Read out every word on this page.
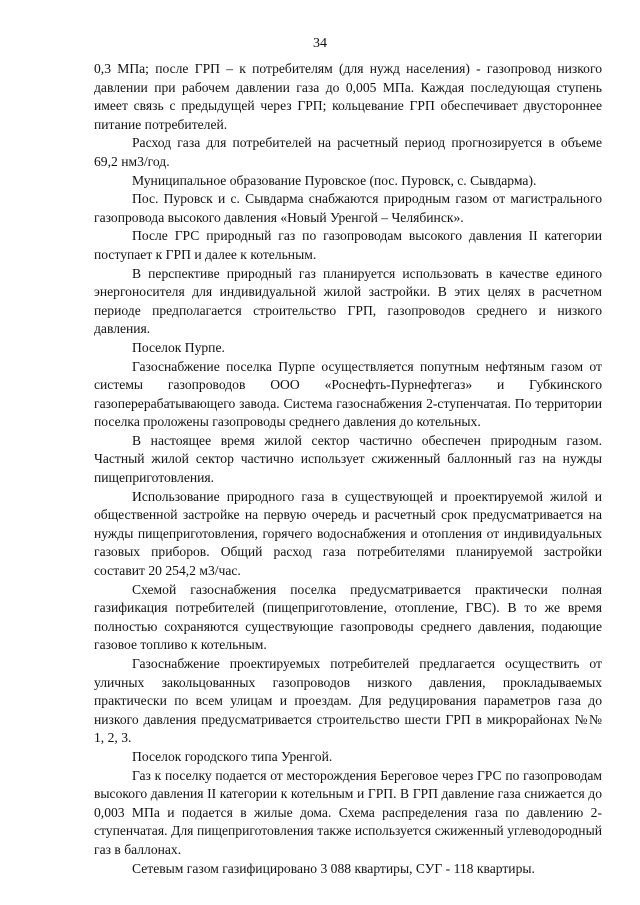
34

0,3 МПа; после ГРП – к потребителям (для нужд населения) - газопровод низкого давлении при рабочем давлении газа до 0,005 МПа. Каждая последующая ступень имеет связь с предыдущей через ГРП; кольцевание ГРП обеспечивает двустороннее питание потребителей.

Расход газа для потребителей на расчетный период прогнозируется в объеме 69,2 нм3/год.

Муниципальное образование Пуровское (пос. Пуровск, с. Сывдарма).

Пос. Пуровск и с. Сывдарма снабжаются природным газом от магистрального газопровода высокого давления «Новый Уренгой – Челябинск».

После ГРС природный газ по газопроводам высокого давления II категории поступает к ГРП и далее к котельным.

В перспективе природный газ планируется использовать в качестве единого энергоносителя для индивидуальной жилой застройки. В этих целях в расчетном периоде предполагается строительство ГРП, газопроводов среднего и низкого давления.

Поселок Пурпе.

Газоснабжение поселка Пурпе осуществляется попутным нефтяным газом от системы газопроводов ООО «Роснефть-Пурнефтегаз» и Губкинского газоперерабатывающего завода. Система газоснабжения 2-ступенчатая. По территории поселка проложены газопроводы среднего давления до котельных.

В настоящее время жилой сектор частично обеспечен природным газом. Частный жилой сектор частично использует сжиженный баллонный газ на нужды пищеприготовления.

Использование природного газа в существующей и проектируемой жилой и общественной застройке на первую очередь и расчетный срок предусматривается на нужды пищеприготовления, горячего водоснабжения и отопления от индивидуальных газовых приборов. Общий расход газа потребителями планируемой застройки составит 20 254,2 м3/час.

Схемой газоснабжения поселка предусматривается практически полная газификация потребителей (пищеприготовление, отопление, ГВС). В то же время полностью сохраняются существующие газопроводы среднего давления, подающие газовое топливо к котельным.

Газоснабжение проектируемых потребителей предлагается осуществить от уличных закольцованных газопроводов низкого давления, прокладываемых практически по всем улицам и проездам. Для редуцирования параметров газа до низкого давления предусматривается строительство шести ГРП в микрорайонах №№ 1, 2, 3.

Поселок городского типа Уренгой.

Газ к поселку подается от месторождения Береговое через ГРС по газопроводам высокого давления II категории к котельным и ГРП. В ГРП давление газа снижается до 0,003 МПа и подается в жилые дома. Схема распределения газа по давлению 2-ступенчатая. Для пищеприготовления также используется сжиженный углеводородный газ в баллонах.

Сетевым газом газифицировано 3 088 квартиры, СУГ - 118 квартиры.
